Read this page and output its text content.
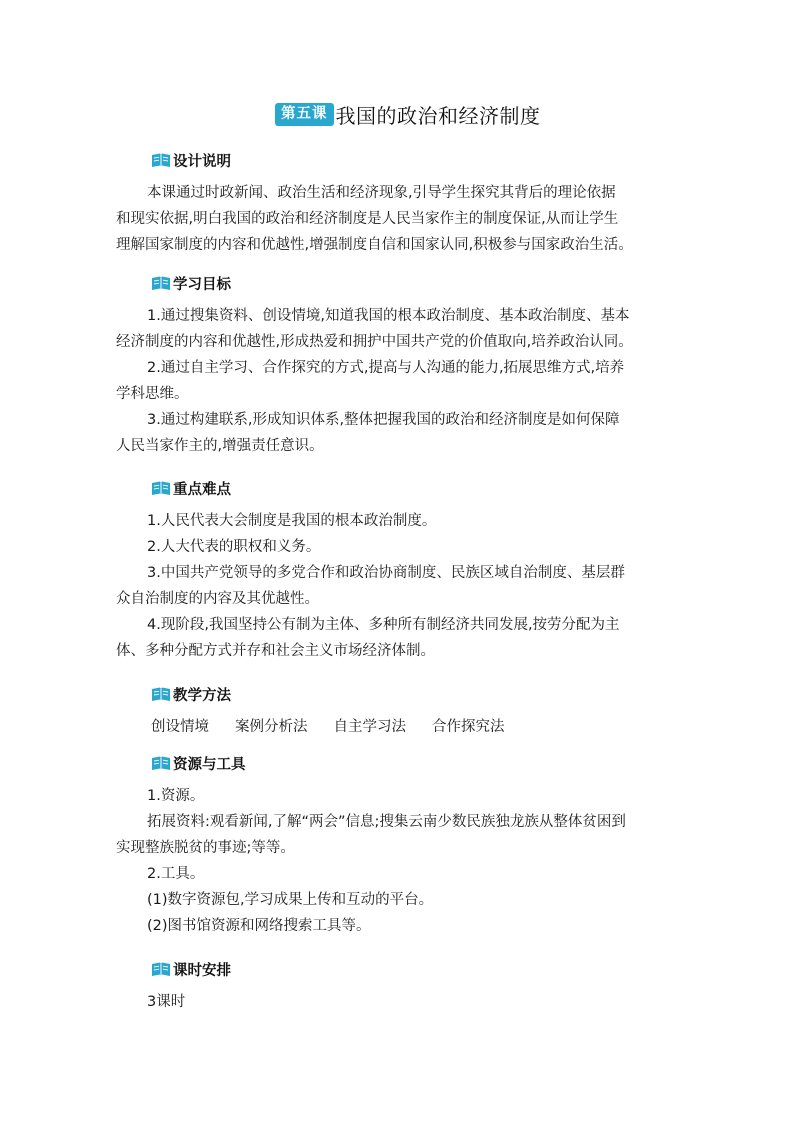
第五课 我国的政治和经济制度
设计说明

本课通过时政新闻、政治生活和经济现象,引导学生探究其背后的理论依据

和现实依据,明白我国的政治和经济制度是人民当家作主的制度保证,从而让学生

理解国家制度的内容和优越性,增强制度自信和国家认同,积极参与国家政治生活。

学习目标

1.通过搜集资料、创设情境,知道我国的根本政治制度、基本政治制度、基本

经济制度的内容和优越性,形成热爱和拥护中国共产党的价值取向,培养政治认同。

2.通过自主学习、合作探究的方式,提高与人沟通的能力,拓展思维方式,培养

学科思维。

3.通过构建联系,形成知识体系,整体把握我国的政治和经济制度是如何保障

人民当家作主的,增强责任意识。

重点难点

1.人民代表大会制度是我国的根本政治制度。

2.人大代表的职权和义务。

3.中国共产党领导的多党合作和政治协商制度、民族区域自治制度、基层群

众自治制度的内容及其优越性。

4.现阶段,我国坚持公有制为主体、多种所有制经济共同发展,按劳分配为主

体、多种分配方式并存和社会主义市场经济体制。

教学方法
创设情境 案例分析法 自主学习法 合作探究法
资源与工具

1.资源。

拓展资料:观看新闻,了解“两会”信息;搜集云南少数民族独龙族从整体贫困到

实现整族脱贫的事迹;等等。

2.工具。

(1)数字资源包,学习成果上传和互动的平台。

(2)图书馆资源和网络搜索工具等。

课时安排

3课时
